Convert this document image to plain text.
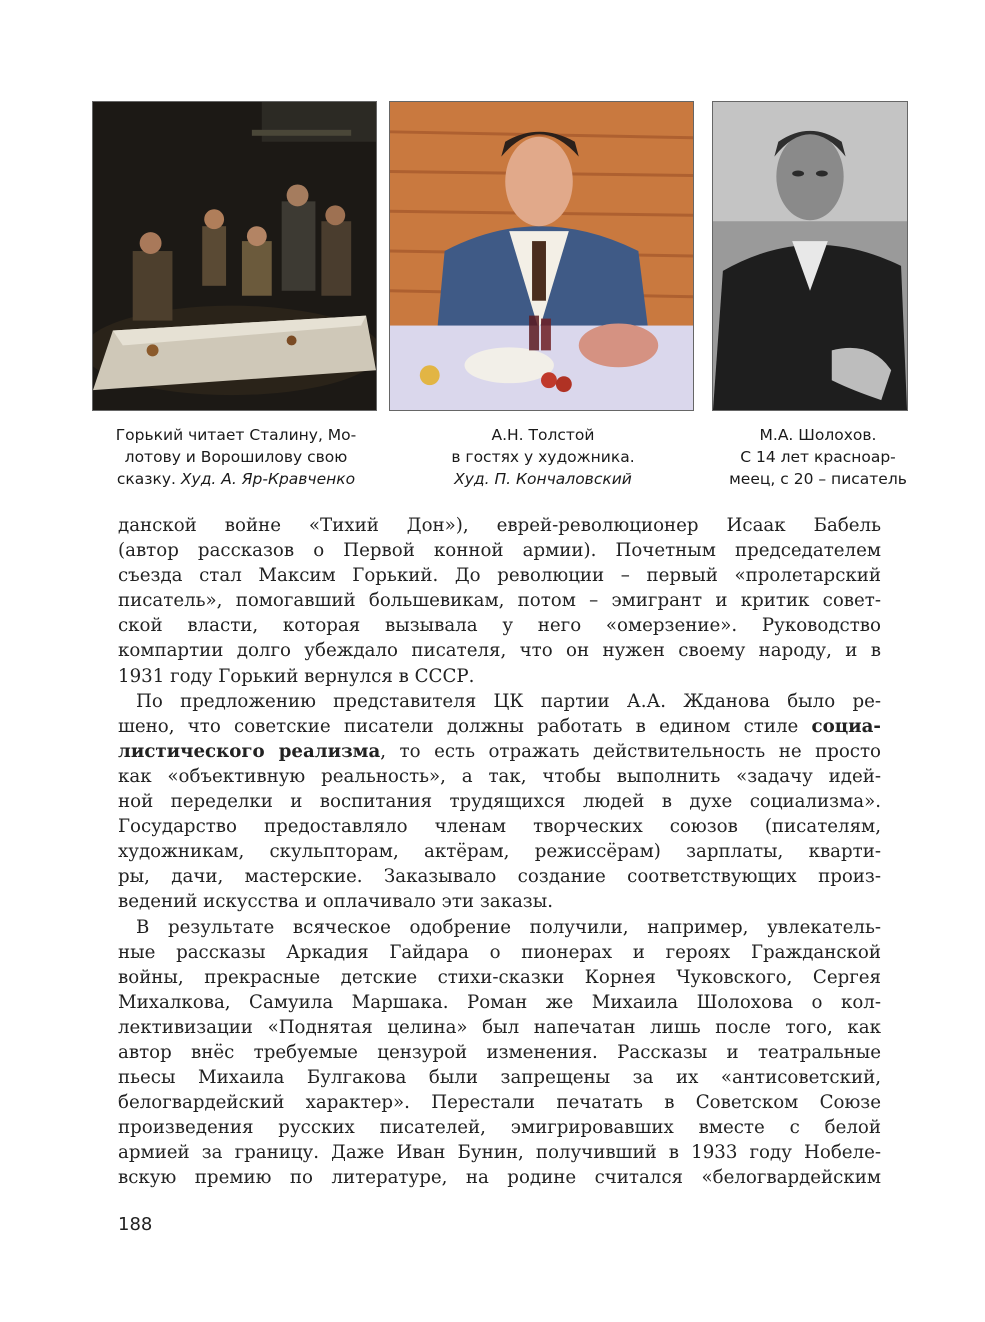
Горький читает Сталину, Мо-
лотову и Ворошилову свою
сказку. Худ. А. Яр-Кравченко
А.Н. Толстой
в гостях у художника.
Худ. П. Кончаловский
М.А. Шолохов.
С 14 лет красноар-
меец, с 20 – писатель
данской войне «Тихий Дон»), еврей-революционер Исаак Бабель
(автор рассказов о Первой конной армии). Почетным председателем
съезда стал Максим Горький. До революции – первый «пролетарский
писатель», помогавший большевикам, потом – эмигрант и критик совет-
ской власти, которая вызывала у него «омерзение». Руководство
компартии долго убеждало писателя, что он нужен своему народу, и в
1931 году Горький вернулся в СССР.
По предложению представителя ЦК партии А.А. Жданова было ре-
шено, что советские писатели должны работать в едином стиле социа-
листического реализма, то есть отражать действительность не просто
как «объективную реальность», а так, чтобы выполнить «задачу идей-
ной переделки и воспитания трудящихся людей в духе социализма».
Государство предоставляло членам творческих союзов (писателям,
художникам, скульпторам, актёрам, режиссёрам) зарплаты, кварти-
ры, дачи, мастерские. Заказывало создание соответствующих произ-
ведений искусства и оплачивало эти заказы.
В результате всяческое одобрение получили, например, увлекатель-
ные рассказы Аркадия Гайдара о пионерах и героях Гражданской
войны, прекрасные детские стихи-сказки Корнея Чуковского, Сергея
Михалкова, Самуила Маршака. Роман же Михаила Шолохова о кол-
лективизации «Поднятая целина» был напечатан лишь после того, как
автор внёс требуемые цензурой изменения. Рассказы и театральные
пьесы Михаила Булгакова были запрещены за их «антисоветский,
белогвардейский характер». Перестали печатать в Советском Союзе
произведения русских писателей, эмигрировавших вместе с белой
армией за границу. Даже Иван Бунин, получивший в 1933 году Нобеле-
вскую премию по литературе, на родине считался «белогвардейским
188
